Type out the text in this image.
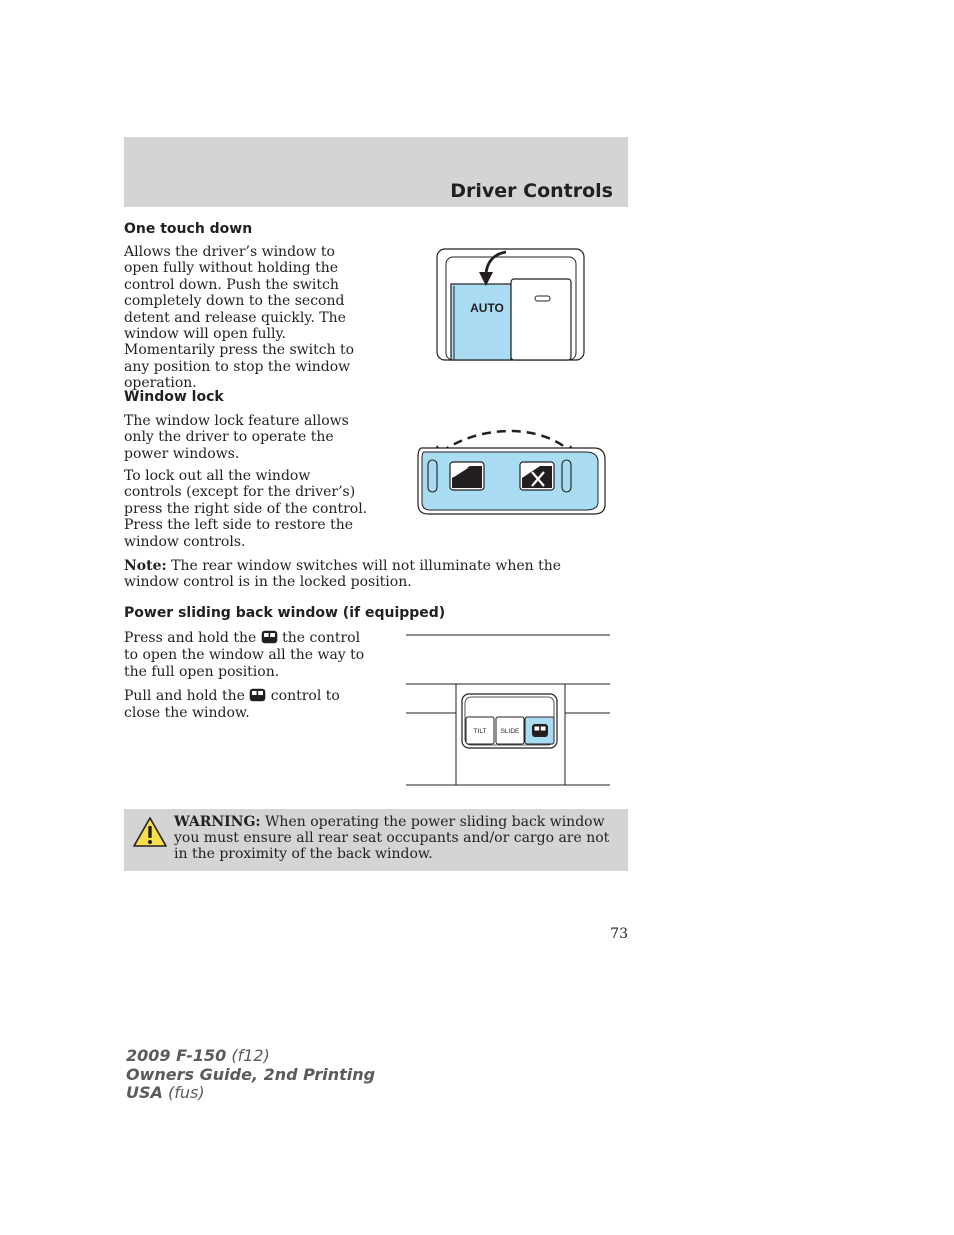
Driver Controls
One touch down

Allows the driver’s window to open fully without holding the control down. Push the switch completely down to the second detent and release quickly. The window will open fully. Momentarily press the switch to any position to stop the window operation.

AUTO
Window lock

The window lock feature allows only the driver to operate the power windows.

To lock out all the window controls (except for the driver’s) press the right side of the control. Press the left side to restore the window controls.

Note: The rear window switches will not illuminate when the window control is in the locked position.

Power sliding back window (if equipped)

Press and hold the  the control to open the window all the way to the full open position.

Pull and hold the  control to close the window.

TILT SLIDE

WARNING: When operating the power sliding back window you must ensure all rear seat occupants and/or cargo are not in the proximity of the back window.

73
2009 F-150 (f12)
Owners Guide, 2nd Printing
USA (fus)
